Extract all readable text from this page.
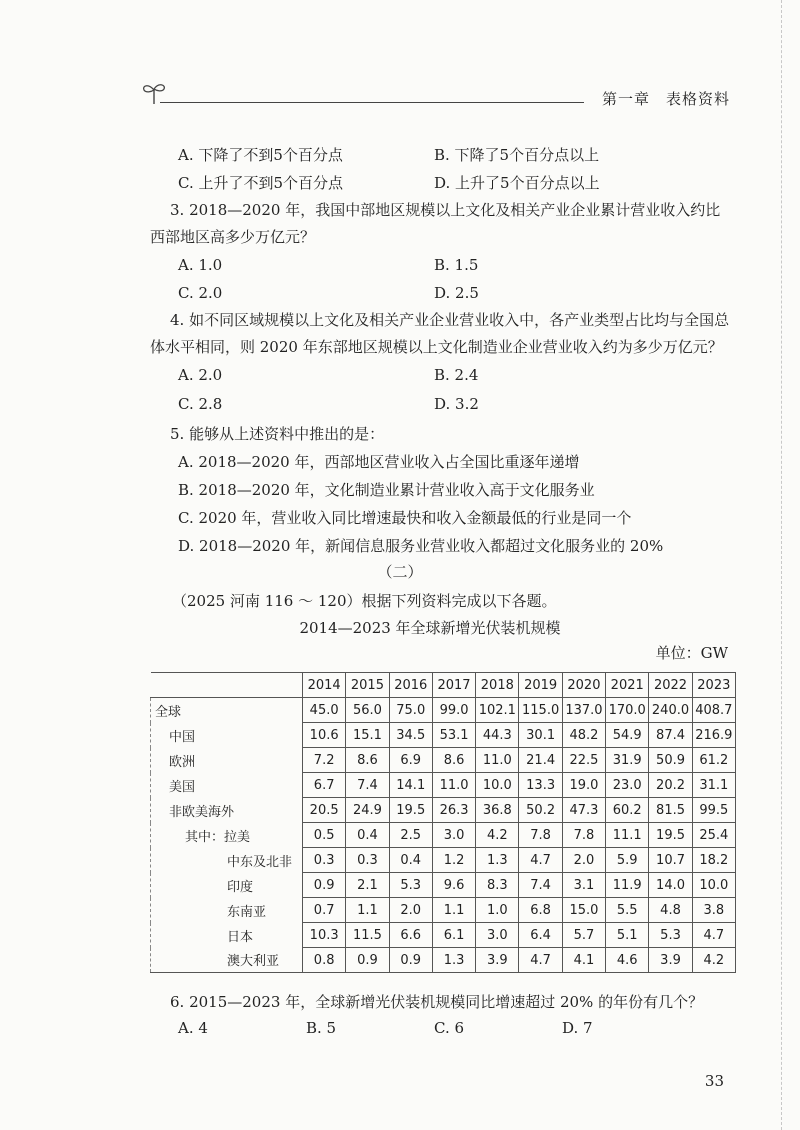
第一章 表格资料
A. 下降了不到5个百分点	B. 下降了5个百分点以上
C. 上升了不到5个百分点	D. 上升了5个百分点以上
3. 2018—2020 年，我国中部地区规模以上文化及相关产业企业累计营业收入约比西部地区高多少万亿元？
A. 1.0	B. 1.5
C. 2.0	D. 2.5
4. 如不同区域规模以上文化及相关产业企业营业收入中，各产业类型占比均与全国总体水平相同，则 2020 年东部地区规模以上文化制造业企业营业收入约为多少万亿元？
A. 2.0	B. 2.4
C. 2.8	D. 3.2
5. 能够从上述资料中推出的是：
A. 2018—2020 年，西部地区营业收入占全国比重逐年递增
B. 2018—2020 年，文化制造业累计营业收入高于文化服务业
C. 2020 年，营业收入同比增速最快和收入金额最低的行业是同一个
D. 2018—2020 年，新闻信息服务业营业收入都超过文化服务业的 20%
（二）
（2025 河南 116 ～ 120）根据下列资料完成以下各题。
2014—2023 年全球新增光伏装机规模
单位：GW
	2014	2015	2016	2017	2018	2019	2020	2021	2022	2023
全球	45.0	56.0	75.0	99.0	102.1	115.0	137.0	170.0	240.0	408.7
中国	10.6	15.1	34.5	53.1	44.3	30.1	48.2	54.9	87.4	216.9
欧洲	7.2	8.6	6.9	8.6	11.0	21.4	22.5	31.9	50.9	61.2
美国	6.7	7.4	14.1	11.0	10.0	13.3	19.0	23.0	20.2	31.1
非欧美海外	20.5	24.9	19.5	26.3	36.8	50.2	47.3	60.2	81.5	99.5
其中：拉美	0.5	0.4	2.5	3.0	4.2	7.8	7.8	11.1	19.5	25.4
中东及北非	0.3	0.3	0.4	1.2	1.3	4.7	2.0	5.9	10.7	18.2
印度	0.9	2.1	5.3	9.6	8.3	7.4	3.1	11.9	14.0	10.0
东南亚	0.7	1.1	2.0	1.1	1.0	6.8	15.0	5.5	4.8	3.8
日本	10.3	11.5	6.6	6.1	3.0	6.4	5.7	5.1	5.3	4.7
澳大利亚	0.8	0.9	0.9	1.3	3.9	4.7	4.1	4.6	3.9	4.2
6. 2015—2023 年，全球新增光伏装机规模同比增速超过 20% 的年份有几个？
A. 4	B. 5	C. 6	D. 7
33
